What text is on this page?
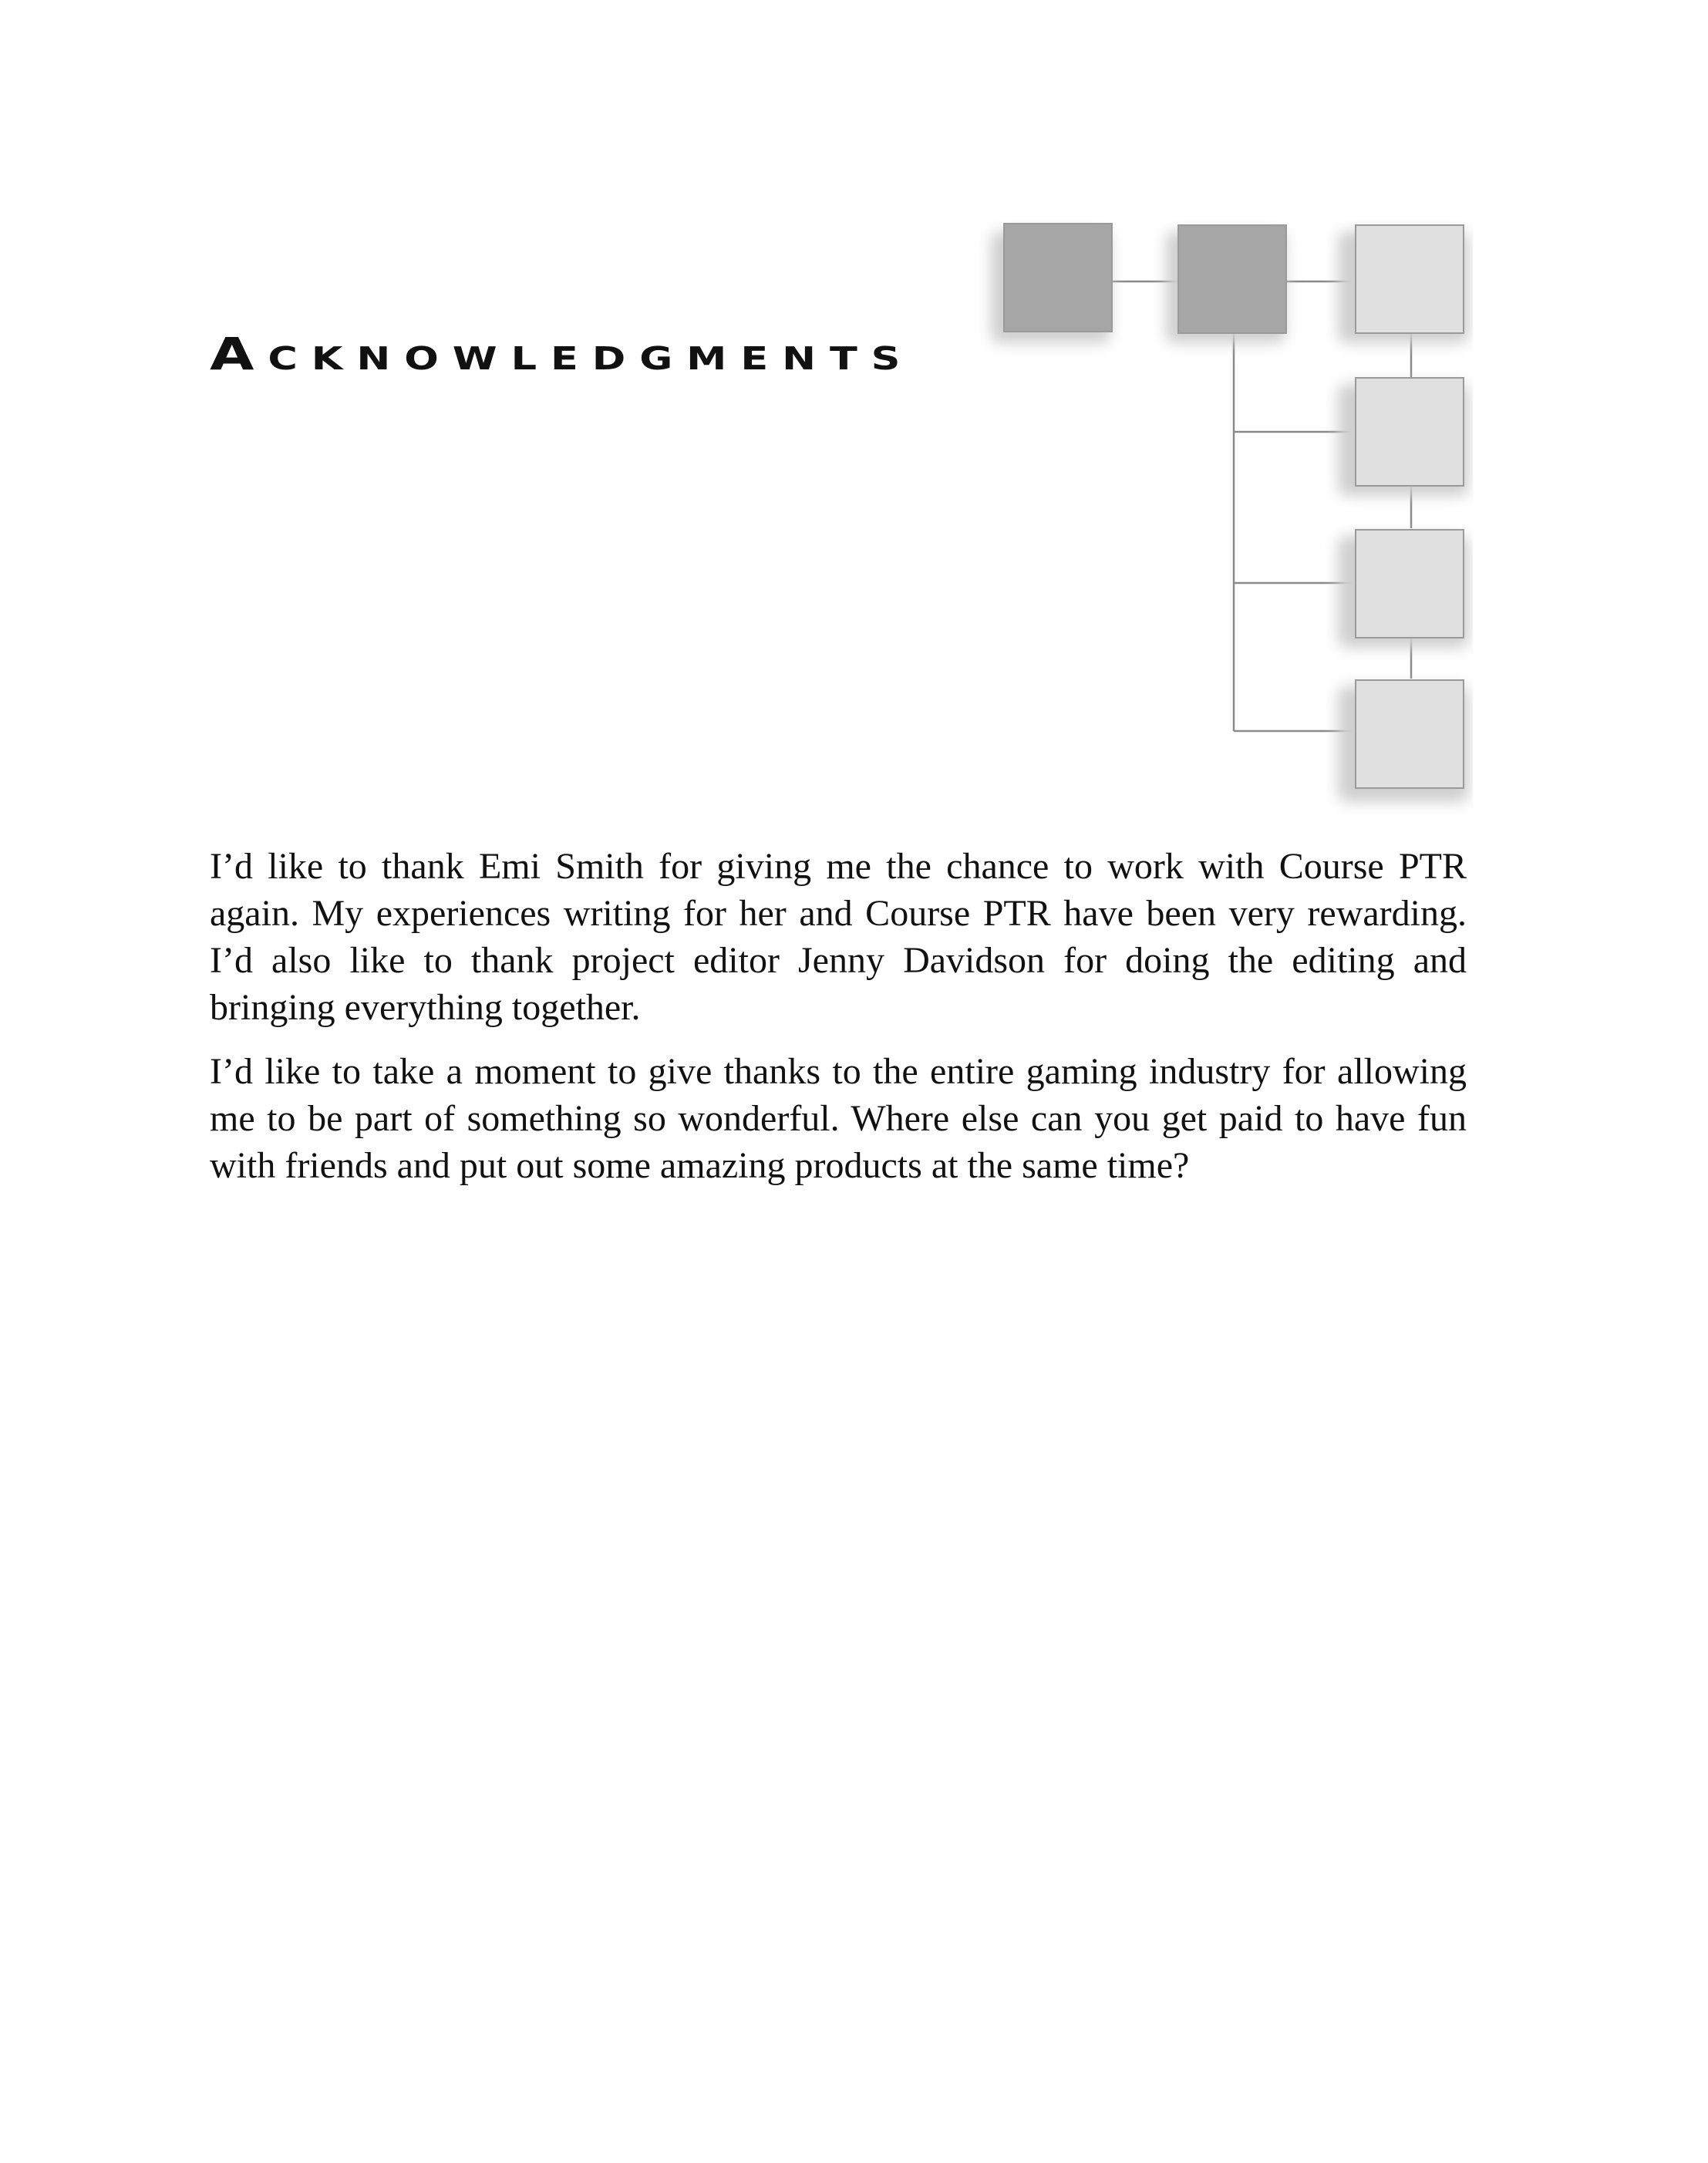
Acknowledgments

I’d like to thank Emi Smith for giving me the chance to work with Course PTR again. My experiences writing for her and Course PTR have been very rewarding. I’d also like to thank project editor Jenny Davidson for doing the editing and bringing everything together.

I’d like to take a moment to give thanks to the entire gaming industry for allowing me to be part of something so wonderful. Where else can you get paid to have fun with friends and put out some amazing products at the same time?
